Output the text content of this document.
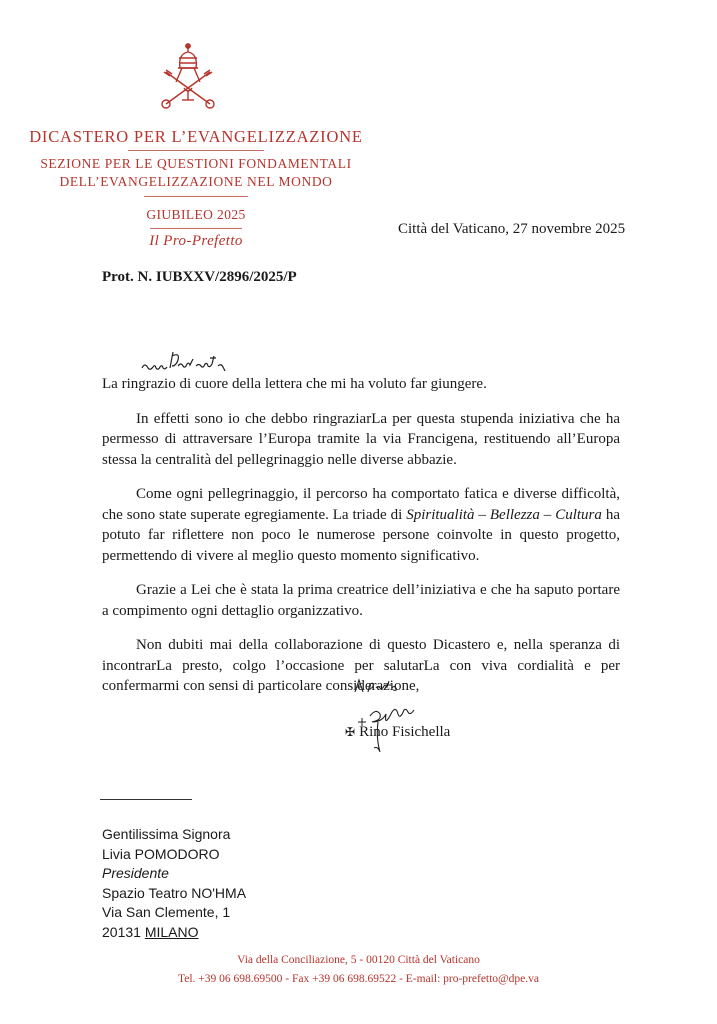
DICASTERO PER L’EVANGELIZZAZIONE
SEZIONE PER LE QUESTIONI FONDAMENTALI
DELL’EVANGELIZZAZIONE NEL MONDO
GIUBILEO 2025
Il Pro-Prefetto
Città del Vaticano, 27 novembre 2025
Prot. N. IUBXXV/2896/2025/P

La ringrazio di cuore della lettera che mi ha voluto far giungere.

In effetti sono io che debbo ringraziarLa per questa stupenda iniziativa che ha permesso di attraversare l’Europa tramite la via Francigena, restituendo all’Europa stessa la centralità del pellegrinaggio nelle diverse abbazie.

Come ogni pellegrinaggio, il percorso ha comportato fatica e diverse difficoltà, che sono state superate egregiamente. La triade di Spiritualità – Bellezza – Cultura ha potuto far riflettere non poco le numerose persone coinvolte in questo progetto, permettendo di vivere al meglio questo momento significativo.

Grazie a Lei che è stata la prima creatrice dell’iniziativa e che ha saputo portare a compimento ogni dettaglio organizzativo.

Non dubiti mai della collaborazione di questo Dicastero e, nella speranza di incontrarLa presto, colgo l’occasione per salutarLa con viva cordialità e per confermarmi con sensi di particolare considerazione,

✠ Rino Fisichella
Gentilissima Signora
Livia POMODORO
Presidente
Spazio Teatro NO'HMA
Via San Clemente, 1
20131 MILANO
Via della Conciliazione, 5 - 00120 Città del Vaticano
Tel. +39 06 698.69500 - Fax +39 06 698.69522 - E-mail: pro-prefetto@dpe.va
